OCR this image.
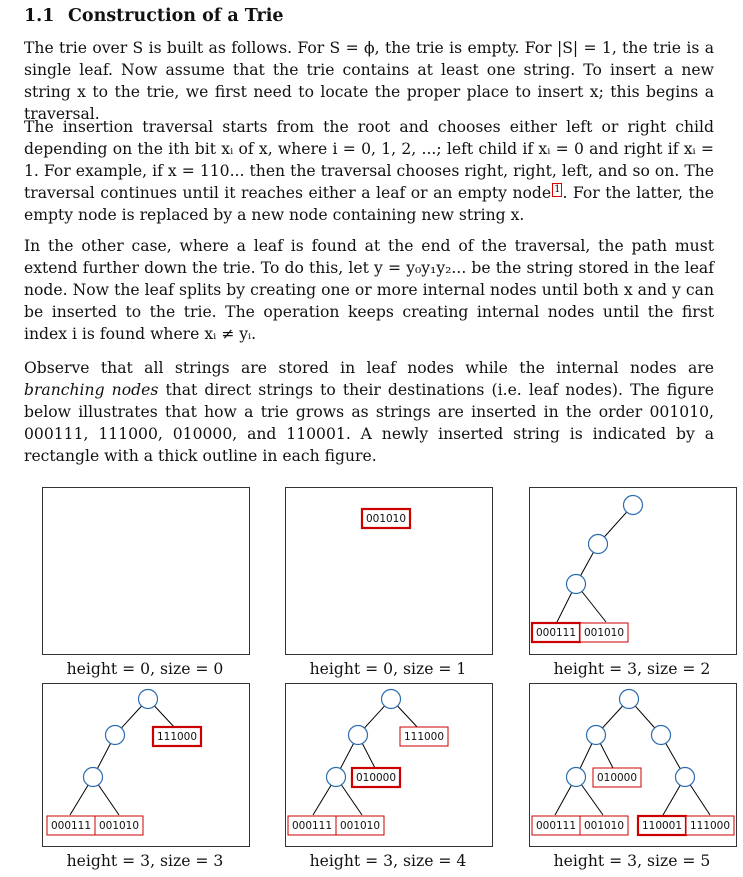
1.1 Construction of a Trie

The trie over S is built as follows. For S = ϕ, the trie is empty. For |S| = 1, the trie is a single leaf. Now assume that the trie contains at least one string. To insert a new string x to the trie, we first need to locate the proper place to insert x; this begins a traversal.

The insertion traversal starts from the root and chooses either left or right child depending on the ith bit xᵢ of x, where i = 0, 1, 2, ...; left child if xᵢ = 0 and right if xᵢ = 1. For example, if x = 110... then the traversal chooses right, right, left, and so on. The traversal continues until it reaches either a leaf or an empty node 1 . For the latter, the empty node is replaced by a new node containing new string x.

In the other case, where a leaf is found at the end of the traversal, the path must extend further down the trie. To do this, let y = y₀y₁y₂... be the string stored in the leaf node. Now the leaf splits by creating one or more internal nodes until both x and y can be inserted to the trie. The operation keeps creating internal nodes until the first index i is found where xᵢ ≠ yᵢ.

Observe that all strings are stored in leaf nodes while the internal nodes are branching nodes that direct strings to their destinations (i.e. leaf nodes). The figure below illustrates that how a trie grows as strings are inserted in the order 001010, 000111, 111000, 010000, and 110001. A newly inserted string is indicated by a rectangle with a thick outline in each figure.

height = 0, size = 0
001010
height = 0, size = 1
000111 001010
height = 3, size = 2
111000
000111 001010
height = 3, size = 3
111000
010000
000111 001010
height = 3, size = 4
010000
000111 001010 110001 111000
height = 3, size = 5
